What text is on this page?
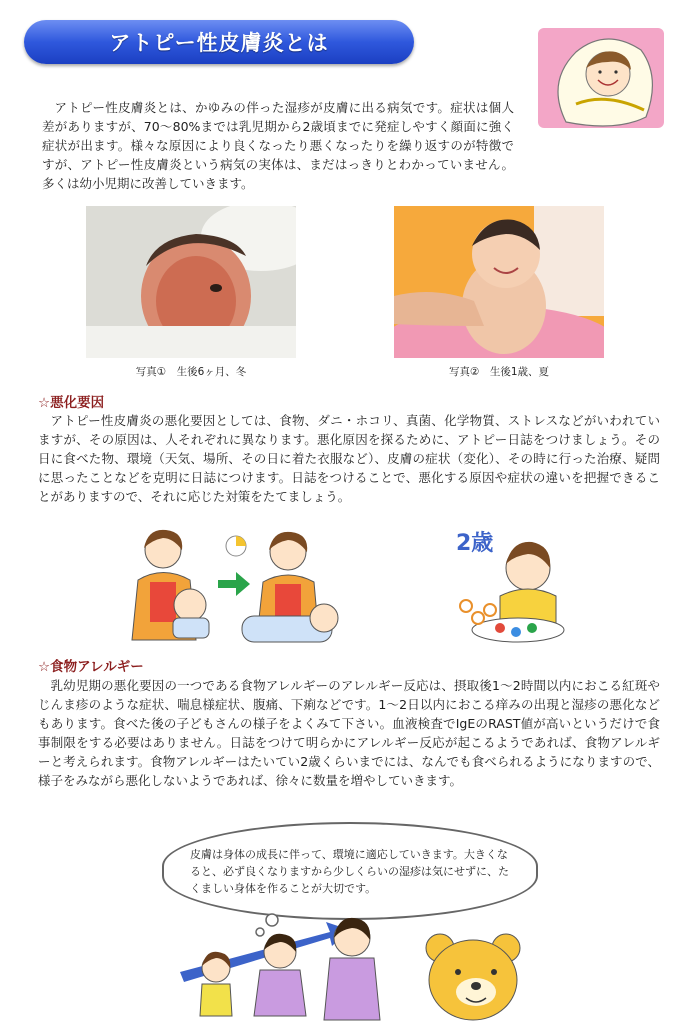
アトピー性皮膚炎とは

アトピー性皮膚炎とは、かゆみの伴った湿疹が皮膚に出る病気です。症状は個人差がありますが、70〜80%までは乳児期から2歳頃までに発症しやすく顔面に強く症状が出ます。様々な原因により良くなったり悪くなったりを繰り返すのが特徴ですが、アトピー性皮膚炎という病気の実体は、まだはっきりとわかっていません。多くは幼小児期に改善していきます。

写真①　生後6ヶ月、冬	写真②　生後1歳、夏

☆悪化要因

アトピー性皮膚炎の悪化要因としては、食物、ダニ・ホコリ、真菌、化学物質、ストレスなどがいわれていますが、その原因は、人それぞれに異なります。悪化原因を探るために、アトピー日誌をつけましょう。その日に食べた物、環境（天気、場所、その日に着た衣服など）、皮膚の症状（変化）、その時に行った治療、疑問に思ったことなどを克明に日誌につけます。日誌をつけることで、悪化する原因や症状の違いを把握できることがありますので、それに応じた対策をたてましょう。

2歳
☆食物アレルギー

乳幼児期の悪化要因の一つである食物アレルギーのアレルギー反応は、摂取後1〜2時間以内におこる紅斑やじんま疹のような症状、喘息様症状、腹痛、下痢などです。1〜2日以内におこる痒みの出現と湿疹の悪化などもあります。食べた後の子どもさんの様子をよくみて下さい。血液検査でIgEのRAST値が高いというだけで食事制限をする必要はありません。日誌をつけて明らかにアレルギー反応が起こるようであれば、食物アレルギーと考えられます。食物アレルギーはたいてい2歳くらいまでには、なんでも食べられるようになりますので、様子をみながら悪化しないようであれば、徐々に数量を増やしていきます。

皮膚は身体の成長に伴って、環境に適応していきます。大きくなると、必ず良くなりますから少しくらいの湿疹は気にせずに、たくましい身体を作ることが大切です。
